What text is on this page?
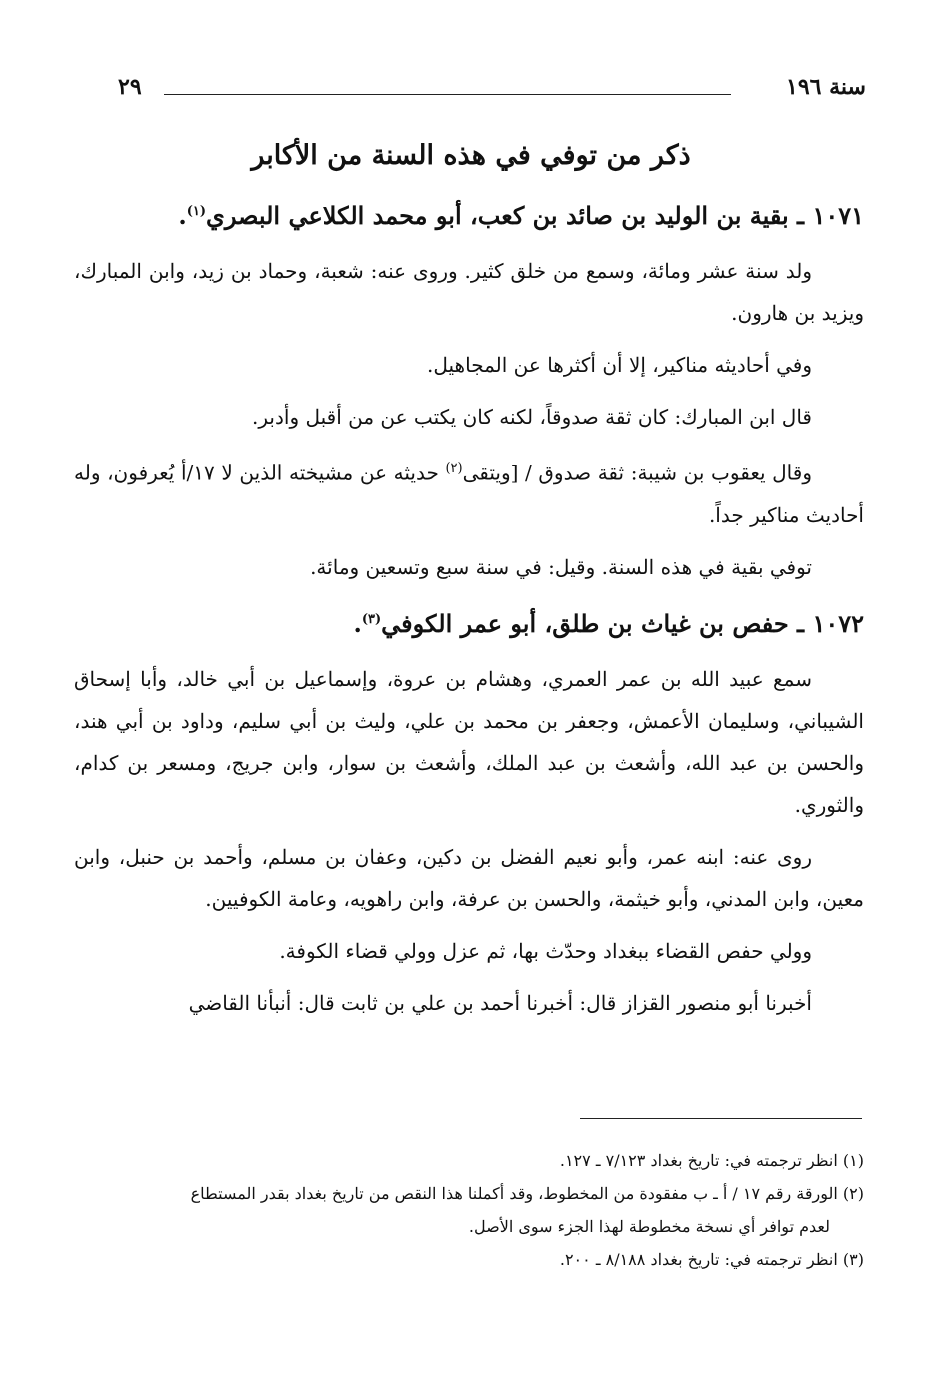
سنة ١٩٦
٢٩
ذكر من توفي في هذه السنة من الأكابر

١٠٧١ ـ بقية بن الوليد بن صائد بن كعب، أبو محمد الكلاعي البصري$^{(١)}$.

ولد سنة عشر ومائة، وسمع من خلق كثير. وروى عنه: شعبة، وحماد بن زيد، وابن المبارك، ويزيد بن هارون.

وفي أحاديثه مناكير، إلا أن أكثرها عن المجاهيل.

قال ابن المبارك: كان ثقة صدوقاً، لكنه كان يكتب عن من أقبل وأدبر.

وقال يعقوب بن شيبة: ثقة صدوق / [ويتقى$^{(٢)}$ حديثه عن مشيخته الذين لا ١٧/أ يُعرفون، وله أحاديث مناكير جداً.

توفي بقية في هذه السنة. وقيل: في سنة سبع وتسعين ومائة.

١٠٧٢ ـ حفص بن غياث بن طلق، أبو عمر الكوفي$^{(٣)}$.

سمع عبيد الله بن عمر العمري، وهشام بن عروة، وإسماعيل بن أبي خالد، وأبا إسحاق الشيباني، وسليمان الأعمش، وجعفر بن محمد بن علي، وليث بن أبي سليم، وداود بن أبي هند، والحسن بن عبد الله، وأشعث بن عبد الملك، وأشعث بن سوار، وابن جريج، ومسعر بن كدام، والثوري.

روى عنه: ابنه عمر، وأبو نعيم الفضل بن دكين، وعفان بن مسلم، وأحمد بن حنبل، وابن معين، وابن المدني، وأبو خيثمة، والحسن بن عرفة، وابن راهويه، وعامة الكوفيين.

وولي حفص القضاء ببغداد وحدّث بها، ثم عزل وولي قضاء الكوفة.

أخبرنا أبو منصور القزاز قال: أخبرنا أحمد بن علي بن ثابت قال: أنبأنا القاضي

(١) انظر ترجمته في: تاريخ بغداد ٧/١٢٣ ـ ١٢٧.

(٢) الورقة رقم ١٧ / أ ـ ب مفقودة من المخطوط، وقد أكملنا هذا النقص من تاريخ بغداد بقدر المستطاع

لعدم توافر أي نسخة مخطوطة لهذا الجزء سوى الأصل.

(٣) انظر ترجمته في: تاريخ بغداد ٨/١٨٨ ـ ٢٠٠.
